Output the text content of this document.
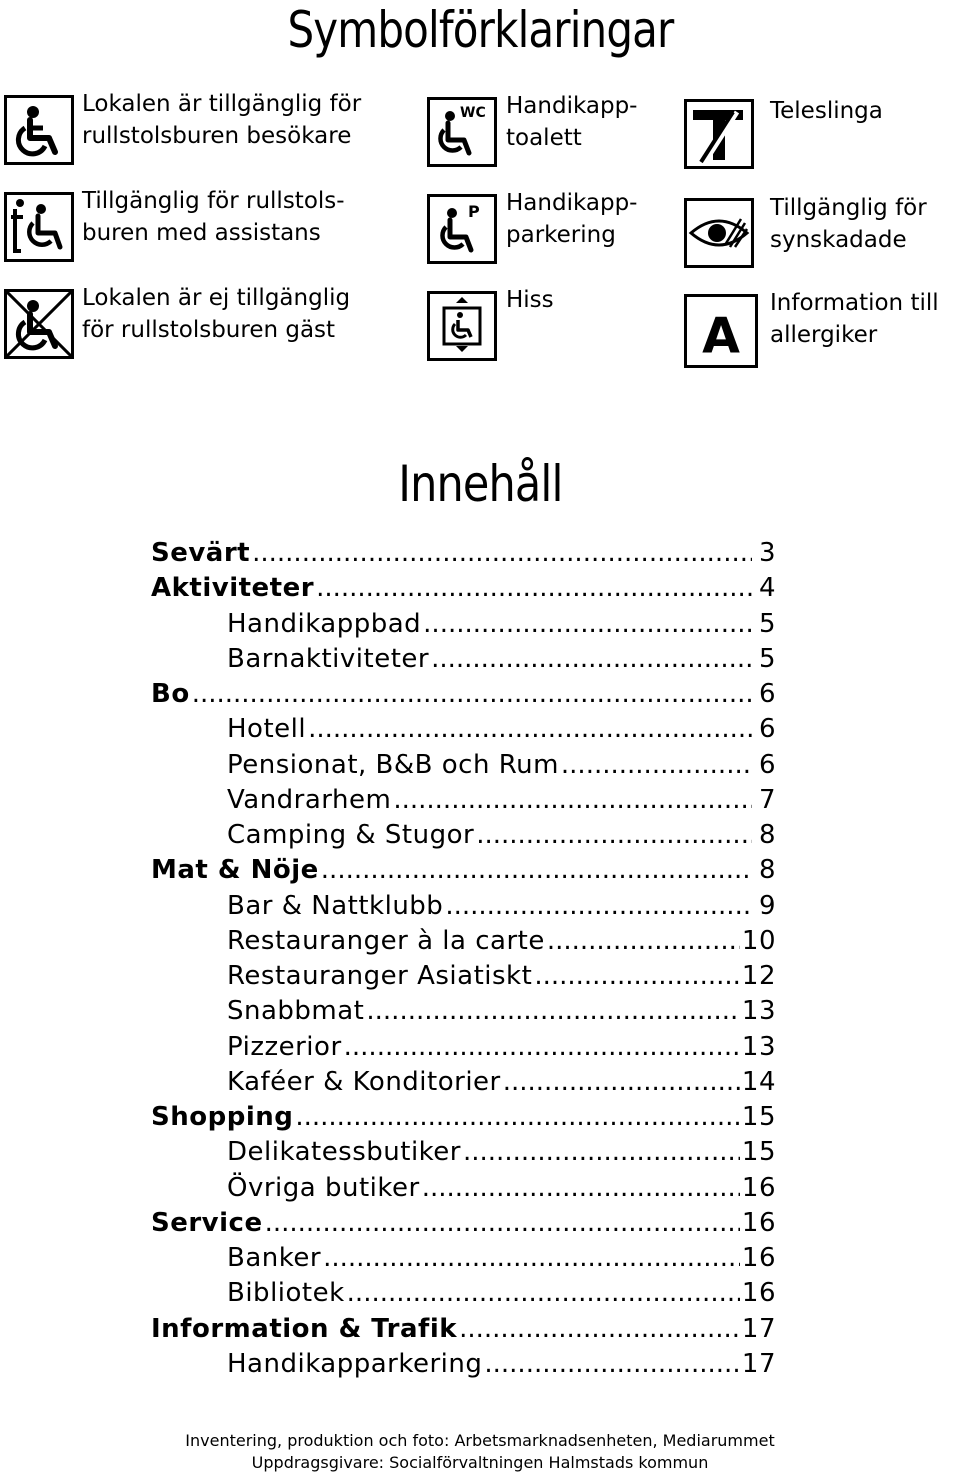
Symbolförklaringar
Lokalen är tillgänglig för
rullstolsburen besökare
Tillgänglig för rullstols-
buren med assistans
Lokalen är ej tillgänglig
för rullstolsburen gäst
WC Handikapp-
toalett
P Handikapp-
parkering
Hiss
Teleslinga
Tillgänglig för
synskadade
A
Information till
allergiker
Innehåll
Sevärt .....	3
Aktiviteter .....	4
Handikappbad .....	5
Barnaktiviteter .....	5
Bo .....	6
Hotell .....	6
Pensionat, B&B och Rum .....	6
Vandrarhem .....	7
Camping & Stugor .....	8
Mat & Nöje .....	8
Bar & Nattklubb .....	9
Restauranger à la carte .....	10
Restauranger Asiatiskt .....	12
Snabbmat .....	13
Pizzerior .....	13
Kaféer & Konditorier .....	14
Shopping .....	15
Delikatessbutiker .....	15
Övriga butiker .....	16
Service .....	16
Banker .....	16
Bibliotek .....	16
Information & Trafik .....	17
Handikapparkering .....	17
Inventering, produktion och foto: Arbetsmarknadsenheten, Mediarummet
Uppdragsgivare: Socialförvaltningen Halmstads kommun
